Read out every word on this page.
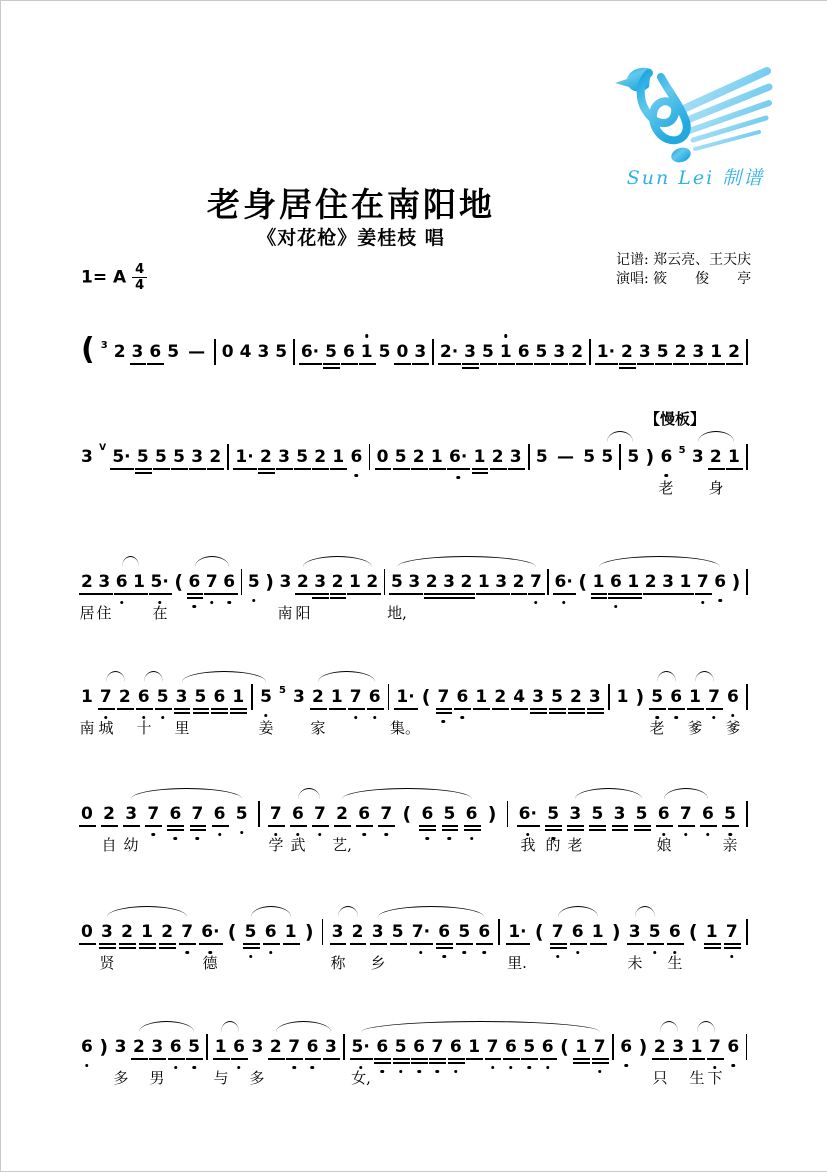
Sun Lei 制谱
老身居住在南阳地
《对花枪》姜桂枝 唱
1= A $\frac{4}{4}$
记谱: 郑云亮、王天庆
演唱: 筱　　俊　　亭
【慢板】
( 3 2 3 6 5 — 0 4 3 5 6· 5 6 1 5 0 3 2· 3 5 1 6 5 3 2 1· 2 3 5 2 3 1 2
3 V 5· 5 5 5 3 2 1· 2 3 5 2 1 6 0 5 2 1 6· 1 2 3 5 — 5 5 5 ) 6 5 3 2 1
老 身
2 3 6 1 5· ( 6 7 6 5 ) 3 2 3 2 1 2 5 3 2 3 2 1 3 2 7 6· ( 1 6 1 2 3 1 7 6 )
居 住	在	南 阳	地,
1 7 2 6 5 3 5 6 1 5 5 3 2 1 7 6 1· ( 7 6 1 2 4 3 5 2 3 1 ) 5 6 1 7 6
南 城 十 里	姜 家	集。	老 爹 爹
0 2 3 7 6 7 6 5 7 6 7 2 6 7 ( 6 5 6 ) 6· 5 3 5 3 5 6 7 6 5
自 幼	学 武 艺,	我 的 老	娘	亲
0 3 2 1 2 7 6· ( 5 6 1 ) 3 2 3 5 7· 6 5 6 1· ( 7 6 1 ) 3 5 6 ( 1 7
贤	德	称 乡	里.	未 生
6 ) 3 2 3 6 5 1 6 3 2 7 6 3 5· 6 5 6 7 6 1 7 6 5 6 ( 1 7 6 ) 2 3 1 7 6
多 男	与 多	女,	只 生 下
